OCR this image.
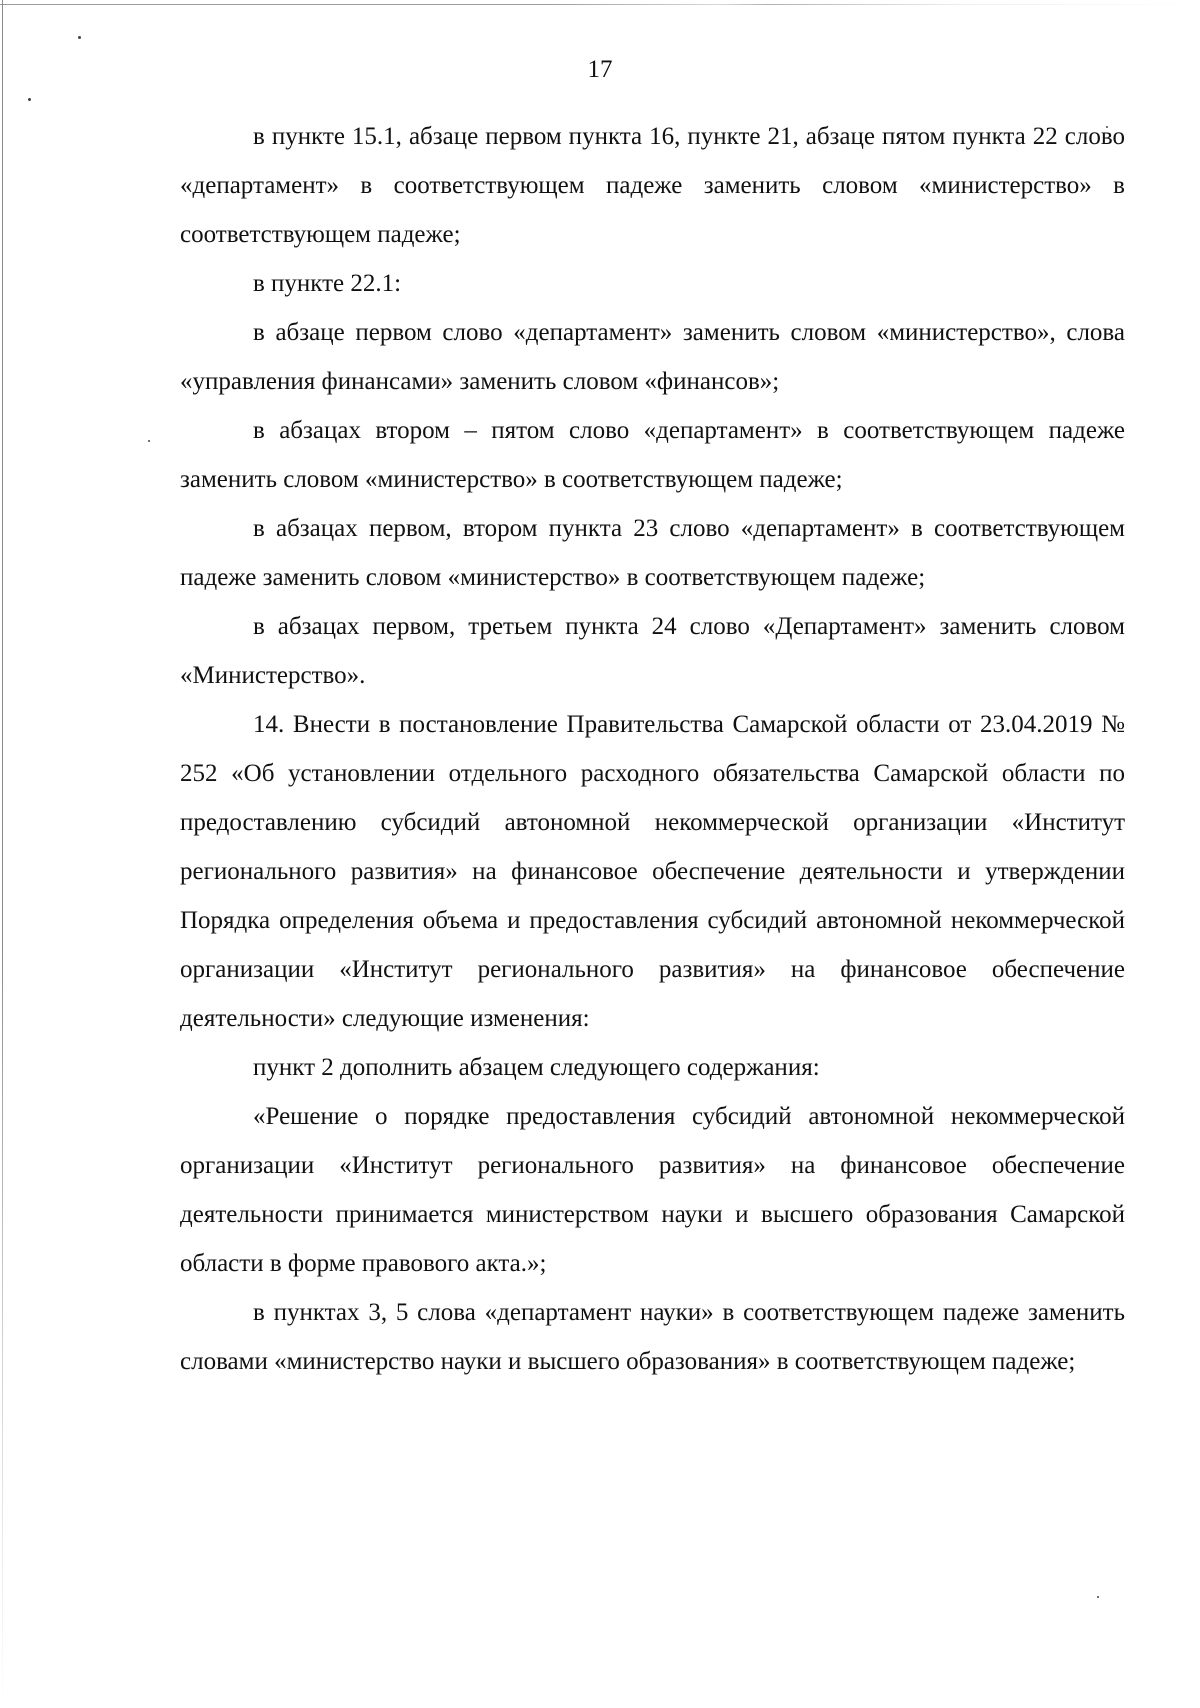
17

в пункте 15.1, абзаце первом пункта 16, пункте 21, абзаце пятом пункта 22 слово «департамент» в соответствующем падеже заменить словом «министерство» в соответствующем падеже;

в пункте 22.1:

в абзаце первом слово «департамент» заменить словом «министерство», слова «управления финансами» заменить словом «финансов»;

в абзацах втором – пятом слово «департамент» в соответствующем падеже заменить словом «министерство» в соответствующем падеже;

в абзацах первом, втором пункта 23 слово «департамент» в соответствующем падеже заменить словом «министерство» в соответствующем падеже;

в абзацах первом, третьем пункта 24 слово «Департамент» заменить словом «Министерство».

14. Внести в постановление Правительства Самарской области от 23.04.2019 № 252 «Об установлении отдельного расходного обязательства Самарской области по предоставлению субсидий автономной некоммерческой организации «Институт регионального развития» на финансовое обеспечение деятельности и утверждении Порядка определения объема и предоставления субсидий автономной некоммерческой организации «Институт регионального развития» на финансовое обеспечение деятельности» следующие изменения:

пункт 2 дополнить абзацем следующего содержания:

«Решение о порядке предоставления субсидий автономной некоммерческой организации «Институт регионального развития» на финансовое обеспечение деятельности принимается министерством науки и высшего образования Самарской области в форме правового акта.»;

в пунктах 3, 5 слова «департамент науки» в соответствующем падеже заменить словами «министерство науки и высшего образования» в соответствующем падеже;
